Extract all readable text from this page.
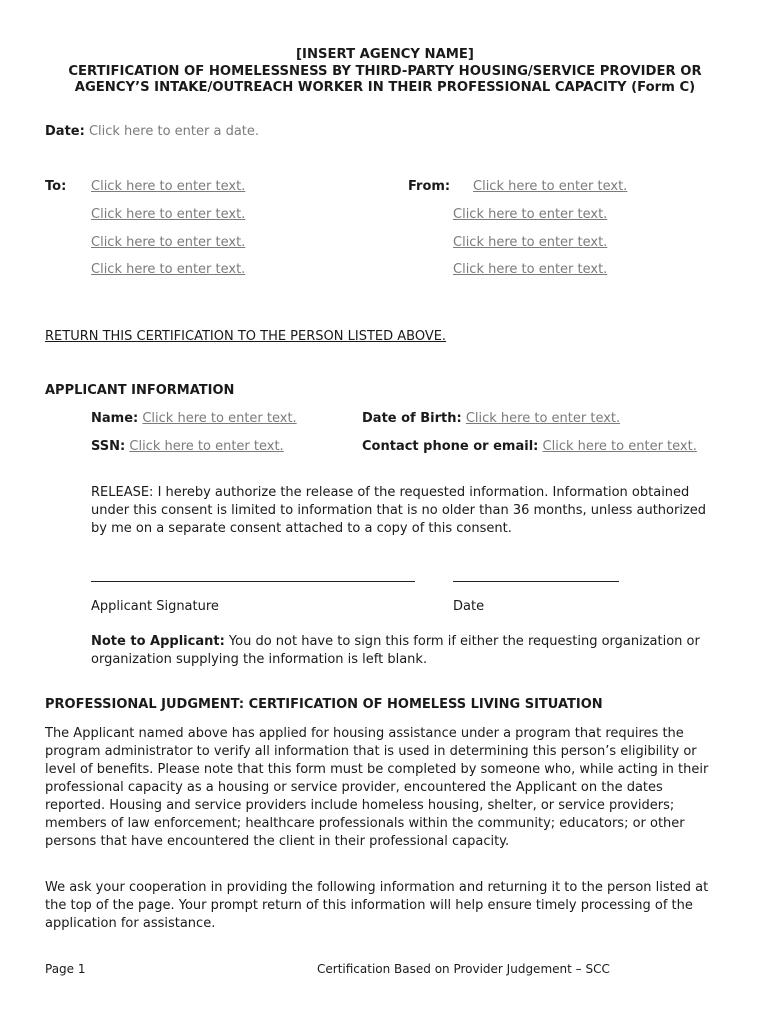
[INSERT AGENCY NAME]
CERTIFICATION OF HOMELESSNESS BY THIRD-PARTY HOUSING/SERVICE PROVIDER OR
AGENCY’S INTAKE/OUTREACH WORKER IN THEIR PROFESSIONAL CAPACITY (Form C)
Date: Click here to enter a date.
To: Click here to enter text.
Click here to enter text.
Click here to enter text.
Click here to enter text.
From: Click here to enter text.
Click here to enter text.
Click here to enter text.
Click here to enter text.
RETURN THIS CERTIFICATION TO THE PERSON LISTED ABOVE.
APPLICANT INFORMATION
Name: Click here to enter text.	Date of Birth: Click here to enter text.
SSN: Click here to enter text.	Contact phone or email: Click here to enter text.
RELEASE: I hereby authorize the release of the requested information. Information obtained under this consent is limited to information that is no older than 36 months, unless authorized by me on a separate consent attached to a copy of this consent.
Applicant Signature	Date
Note to Applicant: You do not have to sign this form if either the requesting organization or organization supplying the information is left blank.
PROFESSIONAL JUDGMENT: CERTIFICATION OF HOMELESS LIVING SITUATION
The Applicant named above has applied for housing assistance under a program that requires the program administrator to verify all information that is used in determining this person’s eligibility or level of benefits. Please note that this form must be completed by someone who, while acting in their professional capacity as a housing or service provider, encountered the Applicant on the dates reported. Housing and service providers include homeless housing, shelter, or service providers; members of law enforcement; healthcare professionals within the community; educators; or other persons that have encountered the client in their professional capacity.
We ask your cooperation in providing the following information and returning it to the person listed at the top of the page. Your prompt return of this information will help ensure timely processing of the application for assistance.
Page 1	Certification Based on Provider Judgement – SCC
